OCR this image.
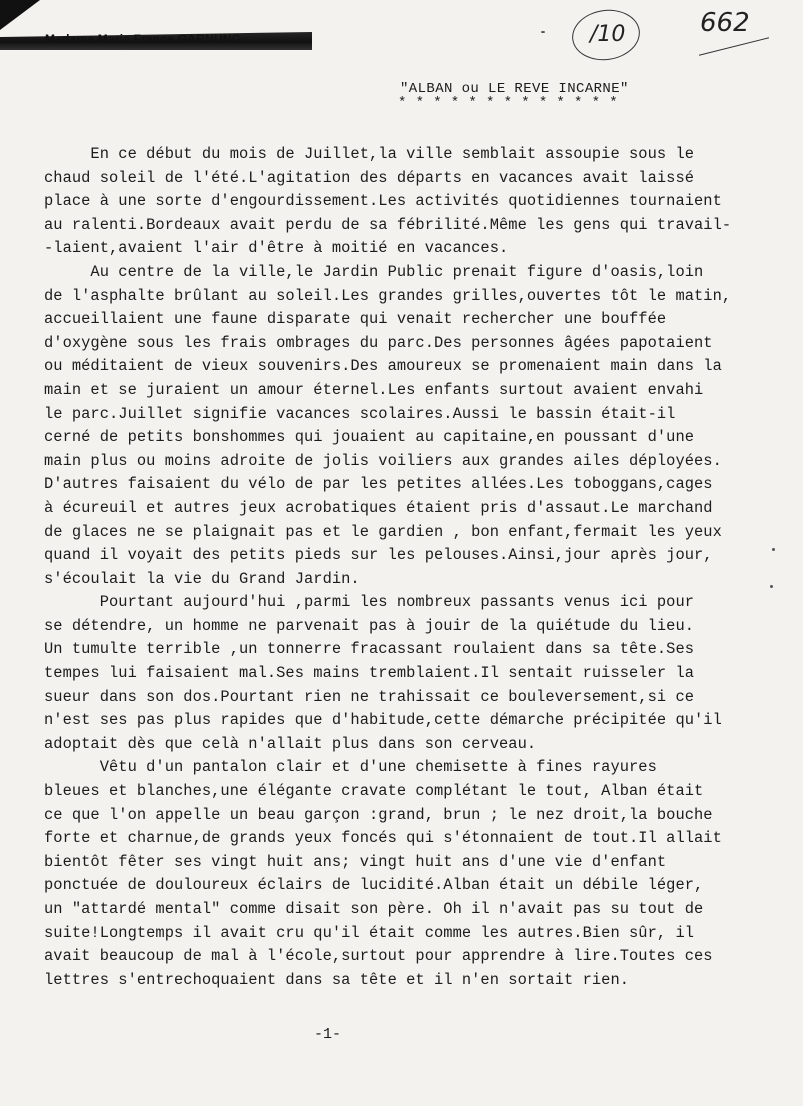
Madame Marie France GARNUNG	/10	662
"ALBAN ou LE REVE INCARNE"
* * * * * * * * * * * * *
En ce début du mois de Juillet,la ville semblait assoupie sous le
chaud soleil de l'été.L'agitation des départs en vacances avait laissé
place à une sorte d'engourdissement.Les activités quotidiennes tournaient
au ralenti.Bordeaux avait perdu de sa fébrilité.Même les gens qui travail-
-laient,avaient l'air d'être à moitié en vacances.
Au centre de la ville,le Jardin Public prenait figure d'oasis,loin
de l'asphalte brûlant au soleil.Les grandes grilles,ouvertes tôt le matin,
accueillaient une faune disparate qui venait rechercher une bouffée
d'oxygène sous les frais ombrages du parc.Des personnes âgées papotaient
ou méditaient de vieux souvenirs.Des amoureux se promenaient main dans la
main et se juraient un amour éternel.Les enfants surtout avaient envahi
le parc.Juillet signifie vacances scolaires.Aussi le bassin était-il
cerné de petits bonshommes qui jouaient au capitaine,en poussant d'une
main plus ou moins adroite de jolis voiliers aux grandes ailes déployées.
D'autres faisaient du vélo de par les petites allées.Les toboggans,cages
à écureuil et autres jeux acrobatiques étaient pris d'assaut.Le marchand
de glaces ne se plaignait pas et le gardien , bon enfant,fermait les yeux
quand il voyait des petits pieds sur les pelouses.Ainsi,jour après jour,
s'écoulait la vie du Grand Jardin.
Pourtant aujourd'hui ,parmi les nombreux passants venus ici pour
se détendre, un homme ne parvenait pas à jouir de la quiétude du lieu.
Un tumulte terrible ,un tonnerre fracassant roulaient dans sa tête.Ses
tempes lui faisaient mal.Ses mains tremblaient.Il sentait ruisseler la
sueur dans son dos.Pourtant rien ne trahissait ce bouleversement,si ce
n'est ses pas plus rapides que d'habitude,cette démarche précipitée qu'il
adoptait dès que celà n'allait plus dans son cerveau.
Vêtu d'un pantalon clair et d'une chemisette à fines rayures
bleues et blanches,une élégante cravate complétant le tout, Alban était
ce que l'on appelle un beau garçon :grand, brun ; le nez droit,la bouche
forte et charnue,de grands yeux foncés qui s'étonnaient de tout.Il allait
bientôt fêter ses vingt huit ans; vingt huit ans d'une vie d'enfant
ponctuée de douloureux éclairs de lucidité.Alban était un débile léger,
un "attardé mental" comme disait son père. Oh il n'avait pas su tout de
suite!Longtemps il avait cru qu'il était comme les autres.Bien sûr, il
avait beaucoup de mal à l'école,surtout pour apprendre à lire.Toutes ces
lettres s'entrechoquaient dans sa tête et il n'en sortait rien.
-1-
